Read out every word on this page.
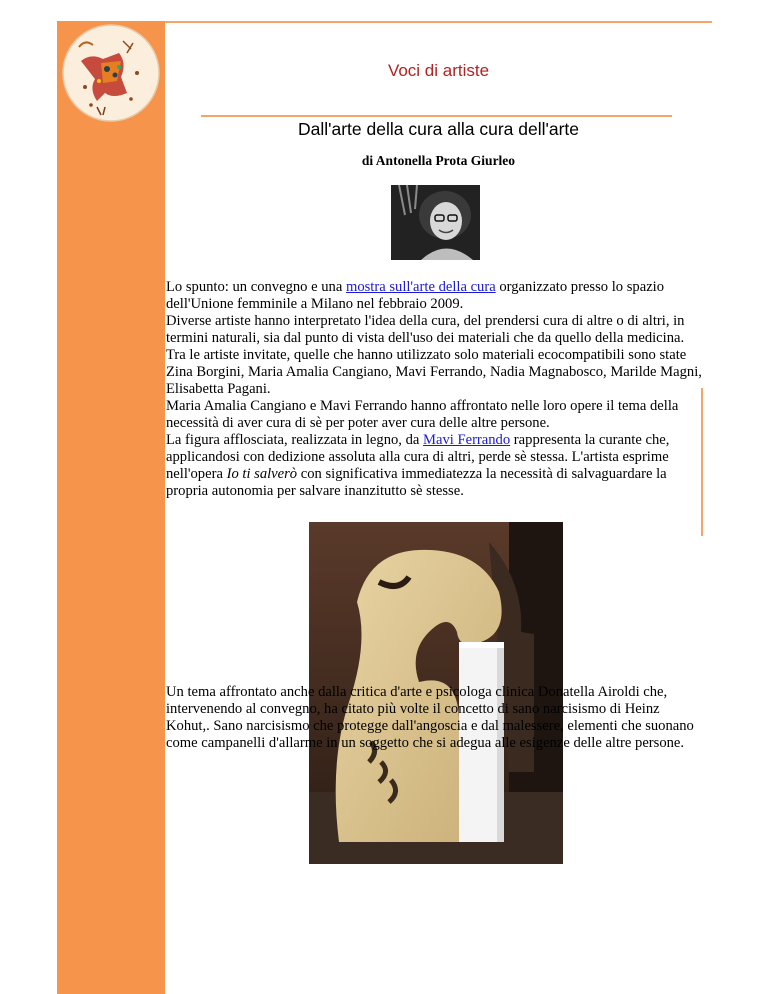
Voci di artiste
Dall'arte della cura alla cura dell'arte
di Antonella Prota Giurleo
Lo spunto: un convegno e una mostra sull'arte della cura organizzato presso lo spazio dell'Unione femminile a Milano nel febbraio 2009.
Diverse artiste hanno interpretato l'idea della cura, del prendersi cura di altre o di altri, in termini naturali, sia dal punto di vista dell'uso dei materiali che da quello della medicina.
Tra le artiste invitate, quelle che hanno utilizzato solo materiali ecocompatibili sono state Zina Borgini, Maria Amalia Cangiano, Mavi Ferrando, Nadia Magnabosco, Marilde Magni, Elisabetta Pagani.
Maria Amalia Cangiano e Mavi Ferrando hanno affrontato nelle loro opere il tema della necessità di aver cura di sè per poter aver cura delle altre persone.
La figura afflosciata, realizzata in legno, da Mavi Ferrando rappresenta la curante che, applicandosi con dedizione assoluta alla cura di altri, perde sè stessa. L'artista esprime nell'opera Io ti salverò con significativa immediatezza la necessità di salvaguardare la propria autonomia per salvare inanzitutto sè stesse.
Un tema affrontato anche dalla critica d'arte e psicologa clinica Donatella Airoldi che, intervenendo al convegno, ha citato più volte il concetto di sano narcisismo di Heinz Kohut,. Sano narcisismo che protegge dall'angoscia e dal malessere, elementi che suonano come campanelli d'allarme in un soggetto che si adegua alle esigenze delle altre persone.
